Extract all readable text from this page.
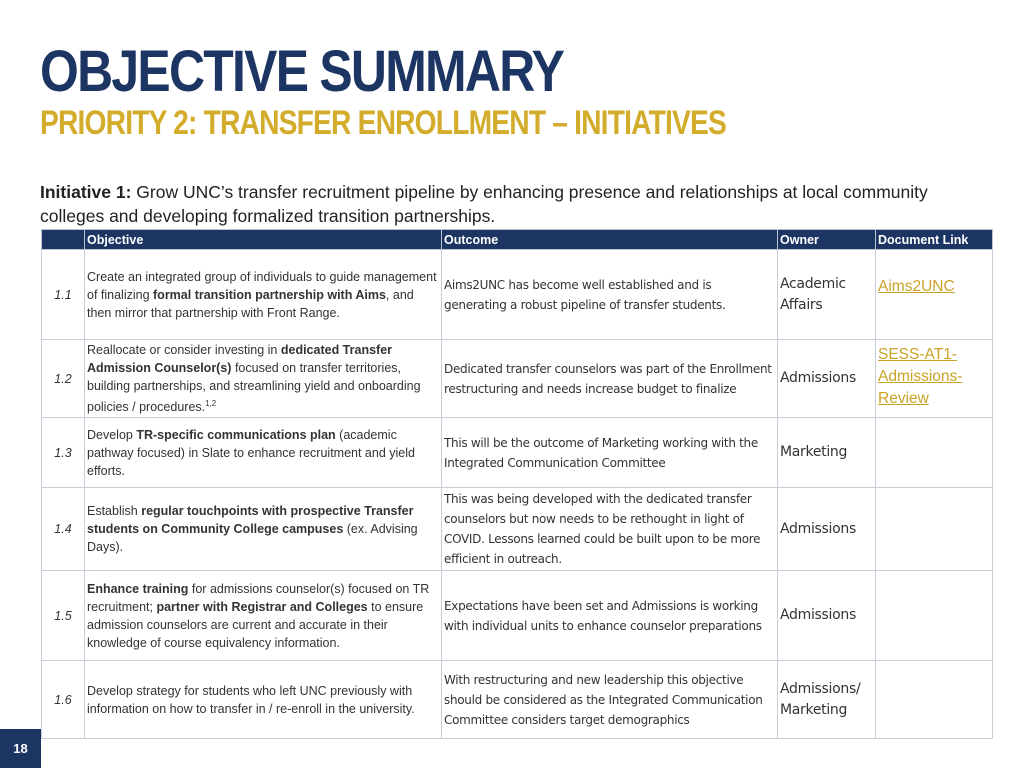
OBJECTIVE SUMMARY
PRIORITY 2: TRANSFER ENROLLMENT – INITIATIVES
Initiative 1: Grow UNC’s transfer recruitment pipeline by enhancing presence and relationships at local community colleges and developing formalized transition partnerships.
	Objective	Outcome	Owner	Document Link
1.1	Create an integrated group of individuals to guide management of finalizing formal transition partnership with Aims, and then mirror that partnership with Front Range.	Aims2UNC has become well established and is generating a robust pipeline of transfer students.	Academic Affairs	Aims2UNC
1.2	Reallocate or consider investing in dedicated Transfer Admission Counselor(s) focused on transfer territories, building partnerships, and streamlining yield and onboarding policies / procedures.$^{1,2}$	Dedicated transfer counselors was part of the Enrollment restructuring and needs increase budget to finalize	Admissions	SESS-AT1-Admissions-Review
1.3	Develop TR-specific communications plan (academic pathway focused) in Slate to enhance recruitment and yield efforts.	This will be the outcome of Marketing working with the Integrated Communication Committee	Marketing	
1.4	Establish regular touchpoints with prospective Transfer students on Community College campuses (ex. Advising Days).	This was being developed with the dedicated transfer counselors but now needs to be rethought in light of COVID. Lessons learned could be built upon to be more efficient in outreach.	Admissions	
1.5	Enhance training for admissions counselor(s) focused on TR recruitment; partner with Registrar and Colleges to ensure admission counselors are current and accurate in their knowledge of course equivalency information.	Expectations have been set and Admissions is working with individual units to enhance counselor preparations	Admissions	
1.6	Develop strategy for students who left UNC previously with information on how to transfer in / re-enroll in the university.	With restructuring and new leadership this objective should be considered as the Integrated Communication Committee considers target demographics	Admissions/ Marketing	
18
